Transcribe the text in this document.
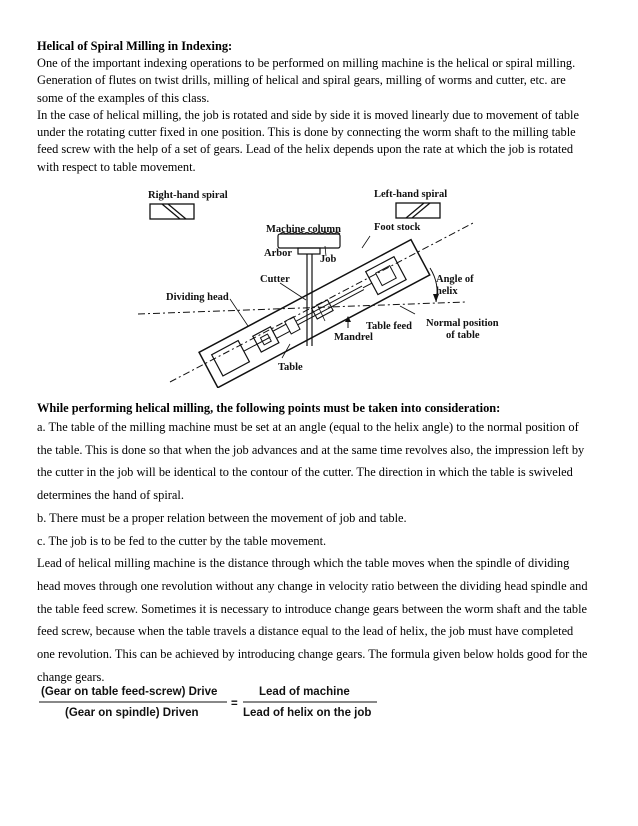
Helical of Spiral Milling in Indexing:
One of the important indexing operations to be performed on milling machine is the helical or spiral milling.
Generation of flutes on twist drills, milling of helical and spiral gears, milling of worms and cutter, etc. are
some of the examples of this class.
In the case of helical milling, the job is rotated and side by side it is moved linearly due to movement of table
under the rotating cutter fixed in one position. This is done by connecting the worm shaft to the milling table
feed screw with the help of a set of gears. Lead of the helix depends upon the rate at which the job is rotated
with respect to table movement.
Right-hand spiral	Left-hand spiral
Machine column	Foot stock
Arbor
Job
Cutter	Angle of
helix
Dividing head
Table feed Normal position
of table
Mandrel
Table
While performing helical milling, the following points must be taken into consideration:
a. The table of the milling machine must be set at an angle (equal to the helix angle) to the normal position of
the table. This is done so that when the job advances and at the same time revolves also, the impression left by
the cutter in the job will be identical to the contour of the cutter. The direction in which the table is swiveled
determines the hand of spiral.
b. There must be a proper relation between the movement of job and table.
c. The job is to be fed to the cutter by the table movement.
Lead of helical milling machine is the distance through which the table moves when the spindle of dividing
head moves through one revolution without any change in velocity ratio between the dividing head spindle and
the table feed screw. Sometimes it is necessary to introduce change gears between the worm shaft and the table
feed screw, because when the table travels a distance equal to the lead of helix, the job must have completed
one revolution. This can be achieved by introducing change gears. The formula given below holds good for the
change gears.
(Gear on table feed-screw) Drive
(Gear on spindle) Driven
=
Lead of machine
Lead of helix on the job
